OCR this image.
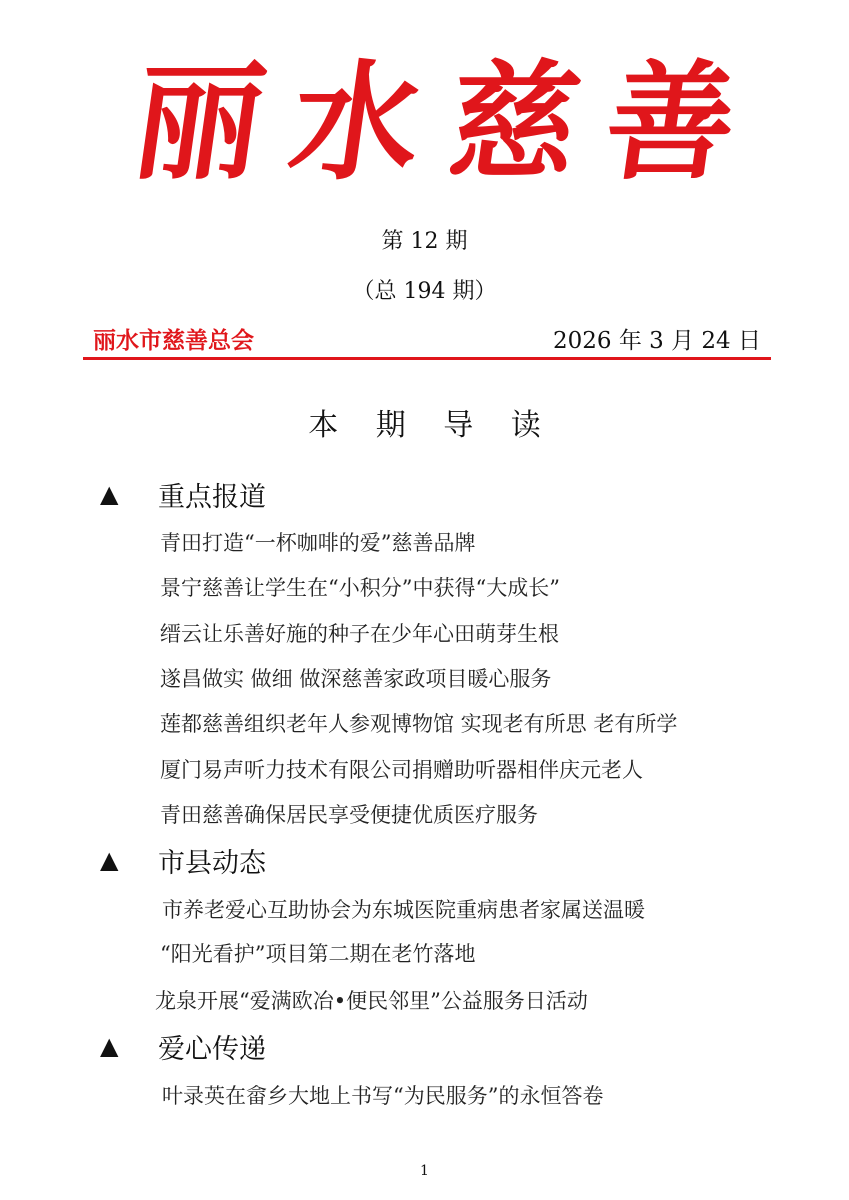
丽 水 慈 善
第 12 期
（总 194 期）
丽水市慈善总会	2026 年 3 月 24 日
本 期 导 读
▲	重点报道
青田打造“一杯咖啡的爱”慈善品牌
景宁慈善让学生在“小积分”中获得“大成长”
缙云让乐善好施的种子在少年心田萌芽生根
遂昌做实 做细 做深慈善家政项目暖心服务
莲都慈善组织老年人参观博物馆 实现老有所思 老有所学
厦门易声听力技术有限公司捐赠助听器相伴庆元老人
青田慈善确保居民享受便捷优质医疗服务
▲	市县动态
市养老爱心互助协会为东城医院重病患者家属送温暖
“阳光看护”项目第二期在老竹落地
龙泉开展“爱满欧冶•便民邻里”公益服务日活动
▲	爱心传递
叶录英在畲乡大地上书写“为民服务”的永恒答卷
1
